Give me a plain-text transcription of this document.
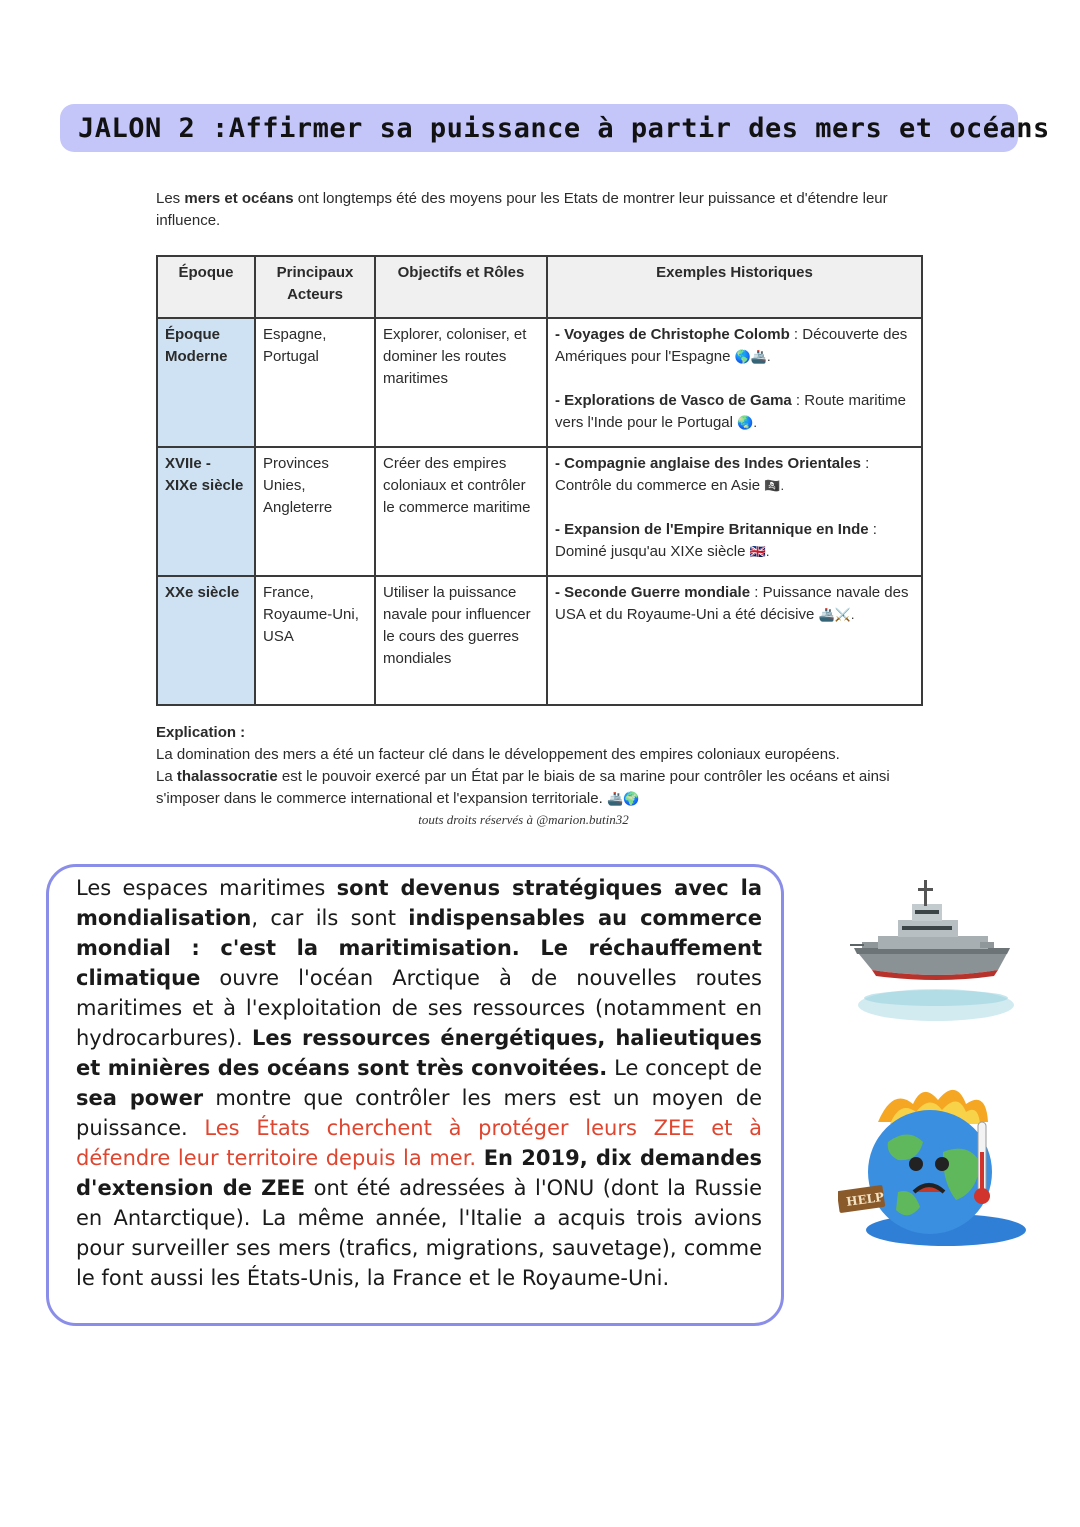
JALON 2 :Affirmer sa puissance à partir des mers et océans
Les mers et océans ont longtemps été des moyens pour les Etats de montrer leur puissance et d'étendre leur influence.
Époque	Principaux Acteurs	Objectifs et Rôles	Exemples Historiques
Époque Moderne	Espagne, Portugal	Explorer, coloniser, et dominer les routes maritimes	- Voyages de Christophe Colomb : Découverte des Amériques pour l'Espagne 🌎🚢.

- Explorations de Vasco de Gama : Route maritime vers l'Inde pour le Portugal 🌏.

XVIIe - XIXe siècle	Provinces Unies, Angleterre	Créer des empires coloniaux et contrôler le commerce maritime	- Compagnie anglaise des Indes Orientales : Contrôle du commerce en Asie 🏴‍☠️.

- Expansion de l'Empire Britannique en Inde : Dominé jusqu'au XIXe siècle 🇬🇧.

XXe siècle	France, Royaume-Uni, USA	Utiliser la puissance navale pour influencer le cours des guerres mondiales	- Seconde Guerre mondiale : Puissance navale des USA et du Royaume-Uni a été décisive 🚢⚔️.

Explication :
La domination des mers a été un facteur clé dans le développement des empires coloniaux européens.
La thalassocratie est le pouvoir exercé par un État par le biais de sa marine pour contrôler les océans et ainsi s'imposer dans le commerce international et l'expansion territoriale. 🚢🌍
touts droits réservés à @marion.butin32

Les espaces maritimes sont devenus stratégiques avec la mondialisation, car ils sont indispensables au commerce mondial : c'est la maritimisation. Le réchauffement climatique ouvre l'océan Arctique à de nouvelles routes maritimes et à l'exploitation de ses ressources (notamment en hydrocarbures). Les ressources énergétiques, halieutiques et minières des océans sont très convoitées. Le concept de sea power montre que contrôler les mers est un moyen de puissance. Les États cherchent à protéger leurs ZEE et à défendre leur territoire depuis la mer. En 2019, dix demandes d'extension de ZEE ont été adressées à l'ONU (dont la Russie en Antarctique). La même année, l'Italie a acquis trois avions pour surveiller ses mers (trafics, migrations, sauvetage), comme le font aussi les États-Unis, la France et le Royaume-Uni.

HELP
